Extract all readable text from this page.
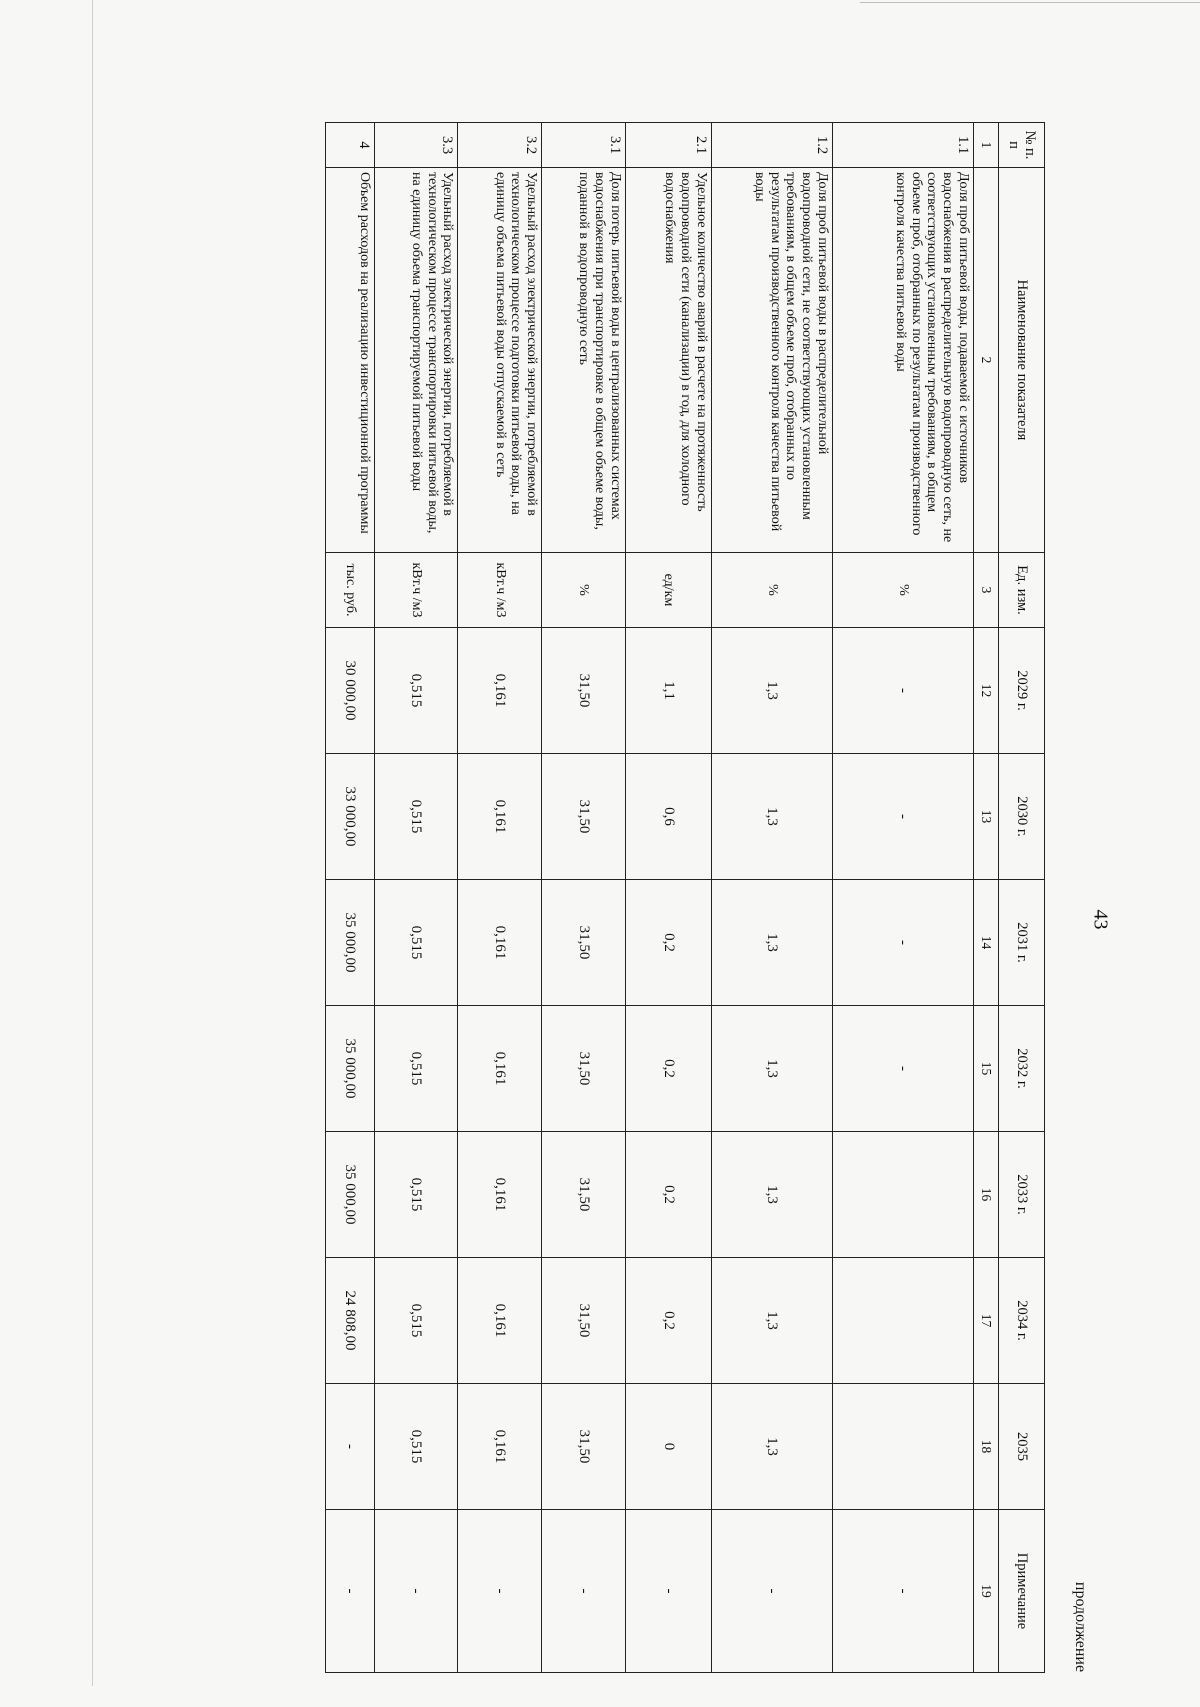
43
продолжение
№ п. п	Наименование показателя	Ед. изм.	2029 г.	2030 г.	2031 г.	2032 г.	2033 г.	2034 г.	2035	Примечание
1	2	3	12	13	14	15	16	17	18	19
1.1	Доля проб питьевой воды, подаваемой с источников водоснабжения в распределительную водопроводную сеть, не соответствующих установленным требованиям, в общем объеме проб, отобранных по результатам производственного контроля качества питьевой воды	%	-	-	-	-				-
1.2	Доля проб питьевой воды в распределительной водопроводной сети, не соответствующих установленным требованиям, в общем объеме проб, отобранных по результатам производственного контроля качества питьевой воды	%	1,3	1,3	1,3	1,3	1,3	1,3	1,3	-
2.1	Удельное количество аварий в расчете на протяженность водопроводной сети (канализации) в год, для холодного водоснабжения	ед/км	1,1	0,6	0,2	0,2	0,2	0,2	0	-
3.1	Доля потерь питьевой воды в централизованных системах водоснабжения при транспортировке в общем объеме воды, поданной в водопроводную сеть	%	31,50	31,50	31,50	31,50	31,50	31,50	31,50	-
3.2	Удельный расход электрической энергии, потребляемой в технологическом процессе подготовки питьевой воды, на единицу объема питьевой воды отпускаемой в сеть	кВт.ч /м3	0,161	0,161	0,161	0,161	0,161	0,161	0,161	-
3.3	Удельный расход электрической энергии, потребляемой в технологическом процессе транспортировки питьевой воды, на единицу объема транспортируемой питьевой воды	кВт.ч /м3	0,515	0,515	0,515	0,515	0,515	0,515	0,515	-
4	Объем расходов на реализацию инвестиционной программы	тыс. руб.	30 000,00	33 000,00	35 000,00	35 000,00	35 000,00	24 808,00	-	-
